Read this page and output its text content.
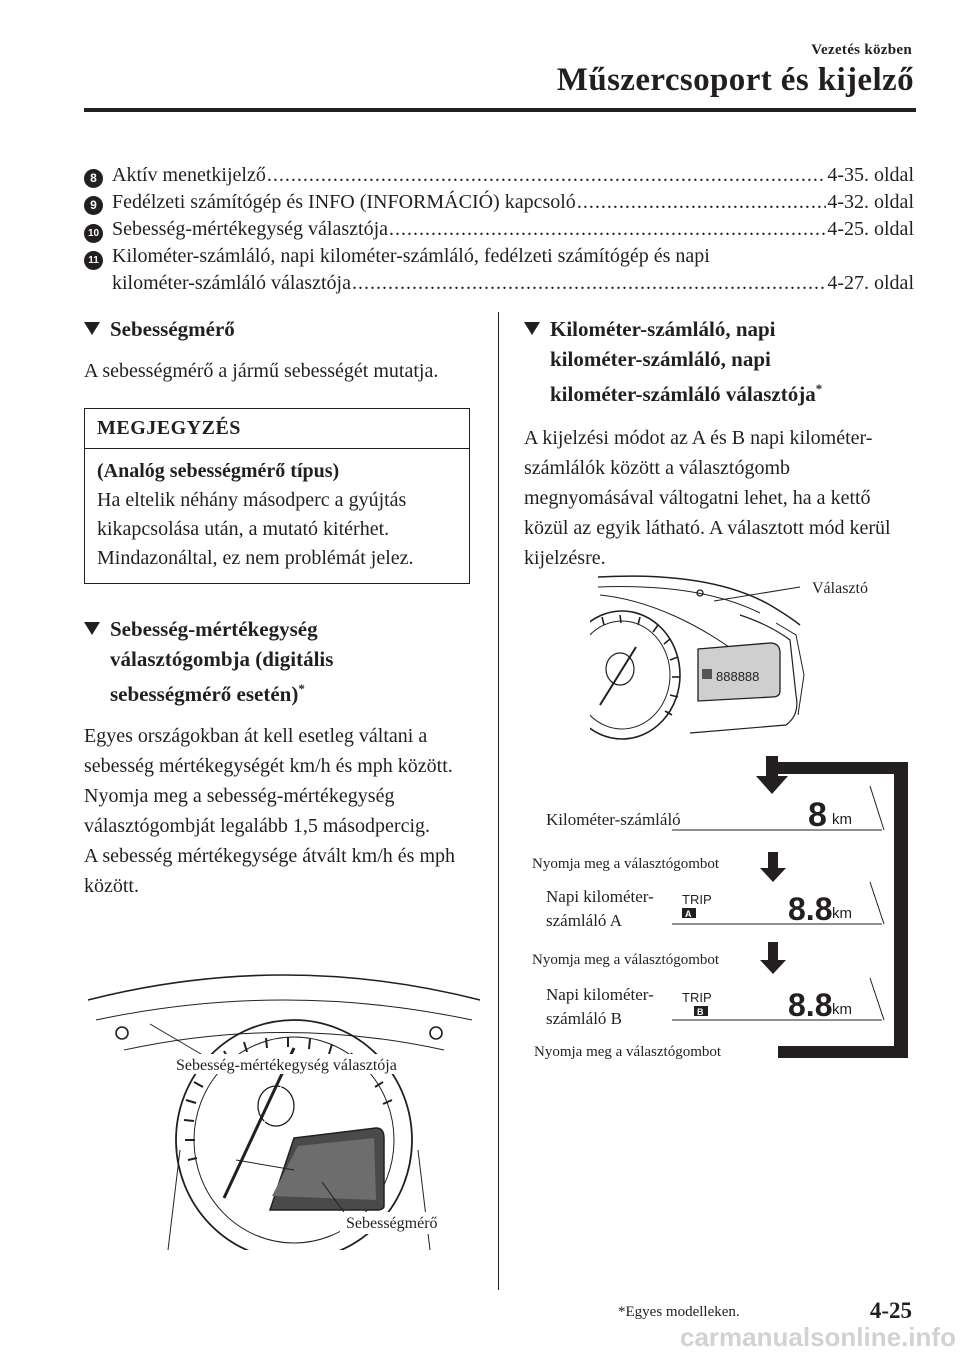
Vezetés közben
Műszercsoport és kijelző
8 Aktív menetkijelző .....	4-35. oldal
9 Fedélzeti számítógép és INFO (INFORMÁCIÓ) kapcsoló .....	4-32. oldal
10 Sebesség-mértékegység választója .....	4-25. oldal
11 Kilométer-számláló, napi kilométer-számláló, fedélzeti számítógép és napi
kilométer-számláló választója .....	4-27. oldal
Sebességmérő
A sebességmérő a jármű sebességét mutatja.
MEGJEGYZÉS
(Analóg sebességmérő típus)
Ha eltelik néhány másodperc a gyújtás kikapcsolása után, a mutató kitérhet. Mindazonáltal, ez nem problémát jelez.
Sebesség-mértékegység
választógombja (digitális
sebességmérő esetén)*
Egyes országokban át kell esetleg váltani a sebesség mértékegységét km/h és mph között.
Nyomja meg a sebesség-mértékegység választógombját legalább 1,5 másodpercig.
A sebesség mértékegysége átvált km/h és mph között.
Sebesség-mértékegység választója
Sebességmérő
Kilométer-számláló, napi
kilométer-számláló, napi
kilométer-számláló választója*
A kijelzési módot az A és B napi kilométer-számlálók között a választógomb megnyomásával váltogatni lehet, ha a kettő közül az egyik látható. A választott mód kerül kijelzésre.
888888
Választó
Kilométer-számláló	8 km
Nyomja meg a választógombot
Napi kilométer-
számláló A
TRIP
A	8.8 km
Nyomja meg a választógombot
Napi kilométer-
számláló B
TRIP
B	8.8 km
Nyomja meg a választógombot
*Egyes modelleken.	4-25
carmanualsonline.info
